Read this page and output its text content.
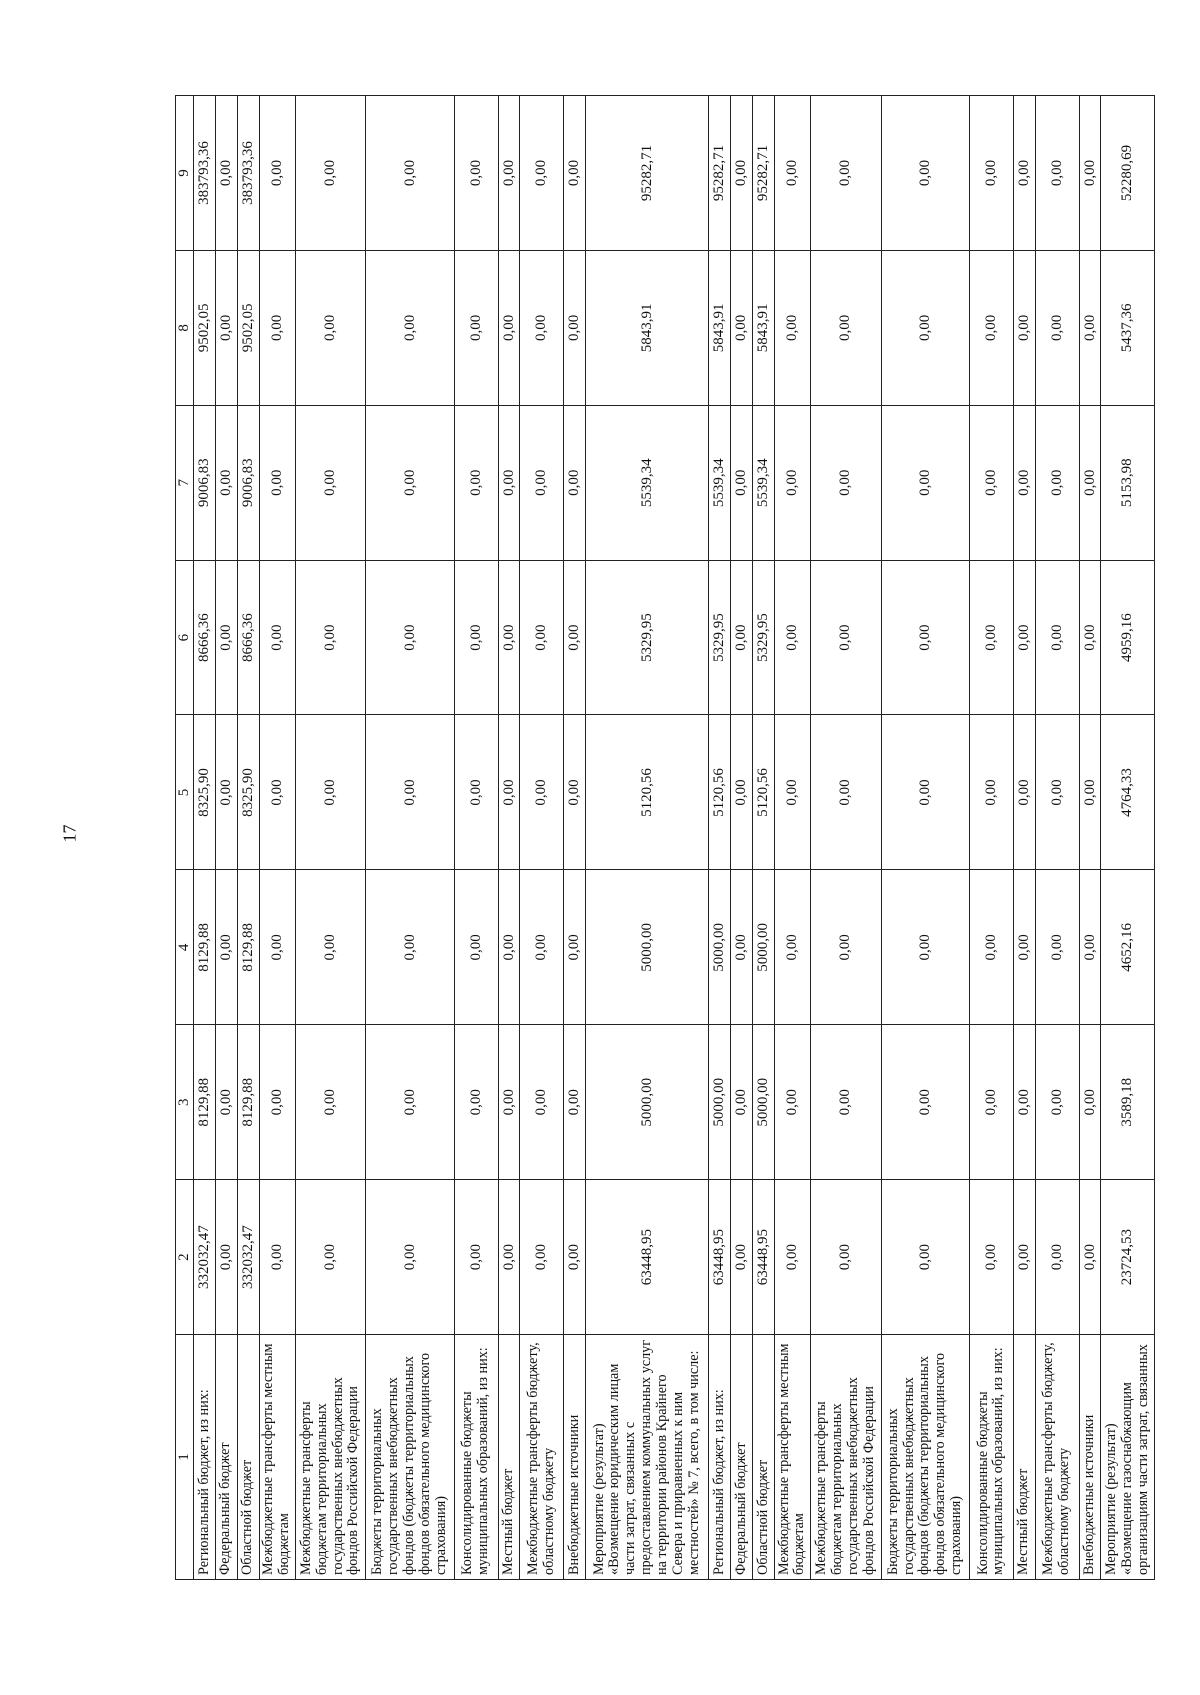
17
1	2	3	4	5	6	7	8	9
Региональный бюджет, из них:	332032,47	8129,88	8129,88	8325,90	8666,36	9006,83	9502,05	383793,36
Федеральный бюджет	0,00	0,00	0,00	0,00	0,00	0,00	0,00	0,00
Областной бюджет	332032,47	8129,88	8129,88	8325,90	8666,36	9006,83	9502,05	383793,36
Межбюджетные трансферты местным бюджетам	0,00	0,00	0,00	0,00	0,00	0,00	0,00	0,00
Межбюджетные трансферты бюджетам территориальных государственных внебюджетных фондов Российской Федерации	0,00	0,00	0,00	0,00	0,00	0,00	0,00	0,00
Бюджеты территориальных государственных внебюджетных фондов (бюджеты территориальных фондов обязательного медицинского страхования)	0,00	0,00	0,00	0,00	0,00	0,00	0,00	0,00
Консолидированные бюджеты муниципальных образований, из них:	0,00	0,00	0,00	0,00	0,00	0,00	0,00	0,00
Местный бюджет	0,00	0,00	0,00	0,00	0,00	0,00	0,00	0,00
Межбюджетные трансферты бюджету, областному бюджету	0,00	0,00	0,00	0,00	0,00	0,00	0,00	0,00
Внебюджетные источники	0,00	0,00	0,00	0,00	0,00	0,00	0,00	0,00
Мероприятие (результат) «Возмещение юридическим лицам части затрат, связанных с предоставлением коммунальных услуг на территории районов Крайнего Севера и приравненных к ним местностей» № 7, всего, в том числе:	63448,95	5000,00	5000,00	5120,56	5329,95	5539,34	5843,91	95282,71
Региональный бюджет, из них:	63448,95	5000,00	5000,00	5120,56	5329,95	5539,34	5843,91	95282,71
Федеральный бюджет	0,00	0,00	0,00	0,00	0,00	0,00	0,00	0,00
Областной бюджет	63448,95	5000,00	5000,00	5120,56	5329,95	5539,34	5843,91	95282,71
Межбюджетные трансферты местным бюджетам	0,00	0,00	0,00	0,00	0,00	0,00	0,00	0,00
Межбюджетные трансферты бюджетам территориальных государственных внебюджетных фондов Российской Федерации	0,00	0,00	0,00	0,00	0,00	0,00	0,00	0,00
Бюджеты территориальных государственных внебюджетных фондов (бюджеты территориальных фондов обязательного медицинского страхования)	0,00	0,00	0,00	0,00	0,00	0,00	0,00	0,00
Консолидированные бюджеты муниципальных образований, из них:	0,00	0,00	0,00	0,00	0,00	0,00	0,00	0,00
Местный бюджет	0,00	0,00	0,00	0,00	0,00	0,00	0,00	0,00
Межбюджетные трансферты бюджету, областному бюджету	0,00	0,00	0,00	0,00	0,00	0,00	0,00	0,00
Внебюджетные источники	0,00	0,00	0,00	0,00	0,00	0,00	0,00	0,00
Мероприятие (результат) «Возмещение газоснабжающим организациям части затрат, связанных	23724,53	3589,18	4652,16	4764,33	4959,16	5153,98	5437,36	52280,69
